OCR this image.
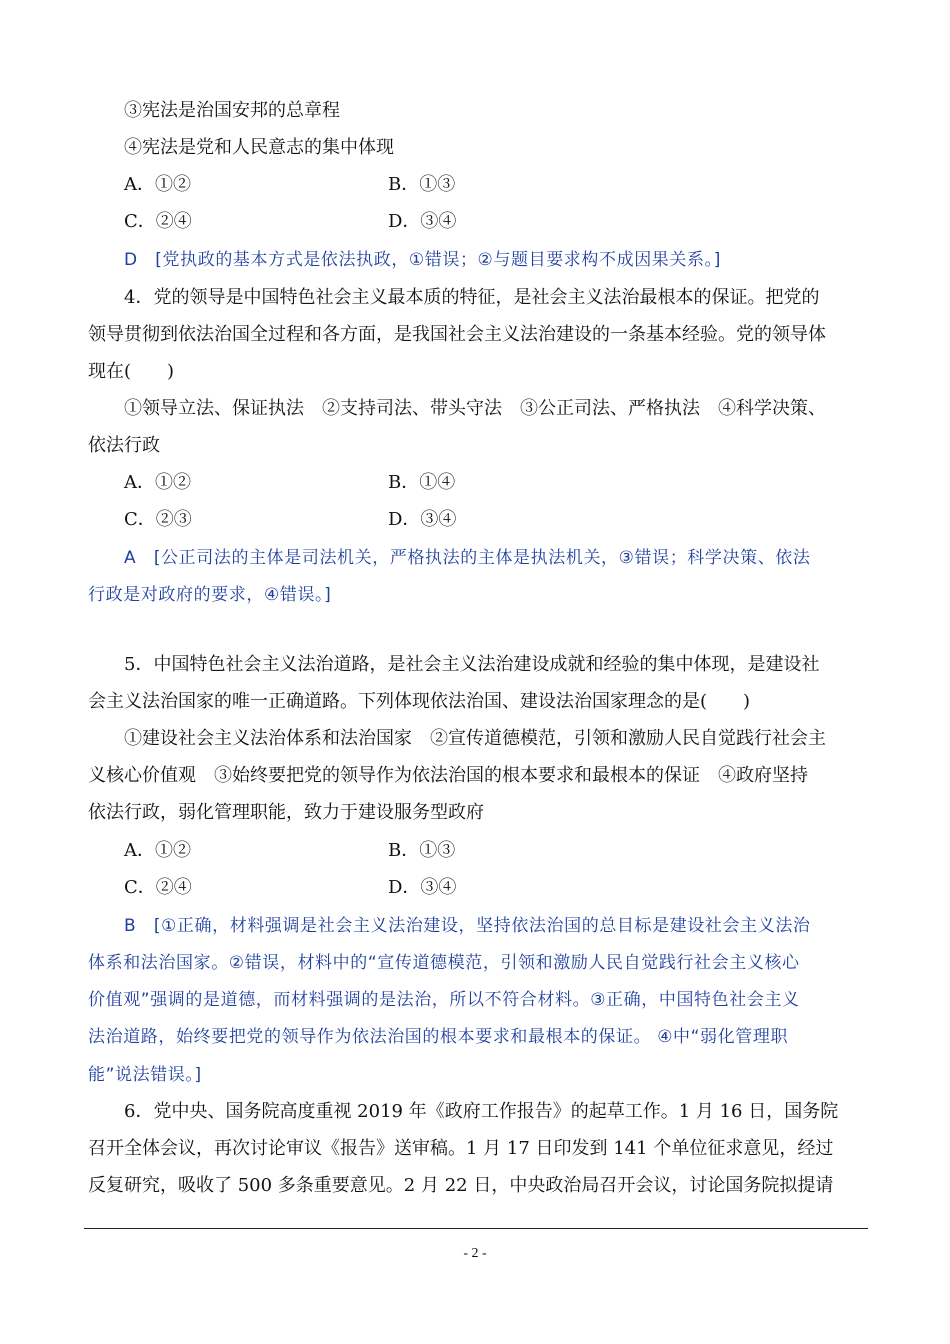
③宪法是治国安邦的总章程
④宪法是党和人民意志的集中体现
A．①②	B．①③
C．②④	D．③④
D　[党执政的基本方式是依法执政，①错误；②与题目要求构不成因果关系。]
4．党的领导是中国特色社会主义最本质的特征，是社会主义法治最根本的保证。把党的
领导贯彻到依法治国全过程和各方面，是我国社会主义法治建设的一条基本经验。党的领导体
现在(　　)
①领导立法、保证执法　②支持司法、带头守法　③公正司法、严格执法　④科学决策、
依法行政
A．①②	B．①④
C．②③	D．③④
A　[公正司法的主体是司法机关，严格执法的主体是执法机关，③错误；科学决策、依法
行政是对政府的要求，④错误。]
5．中国特色社会主义法治道路，是社会主义法治建设成就和经验的集中体现，是建设社
会主义法治国家的唯一正确道路。下列体现依法治国、建设法治国家理念的是(　　)
①建设社会主义法治体系和法治国家　②宣传道德模范，引领和激励人民自觉践行社会主
义核心价值观　③始终要把党的领导作为依法治国的根本要求和最根本的保证　④政府坚持
依法行政，弱化管理职能，致力于建设服务型政府
A．①②	B．①③
C．②④	D．③④
B　[①正确，材料强调是社会主义法治建设，坚持依法治国的总目标是建设社会主义法治
体系和法治国家。②错误，材料中的“宣传道德模范，引领和激励人民自觉践行社会主义核心
价值观”强调的是道德，而材料强调的是法治，所以不符合材料。③正确，中国特色社会主义
法治道路，始终要把党的领导作为依法治国的根本要求和最根本的保证。 ④中“弱化管理职
能”说法错误。]
6．党中央、国务院高度重视 2019 年《政府工作报告》的起草工作。1 月 16 日，国务院
召开全体会议，再次讨论审议《报告》送审稿。1 月 17 日印发到 141 个单位征求意见，经过
反复研究，吸收了 500 多条重要意见。2 月 22 日，中央政治局召开会议，讨论国务院拟提请
- 2 -
